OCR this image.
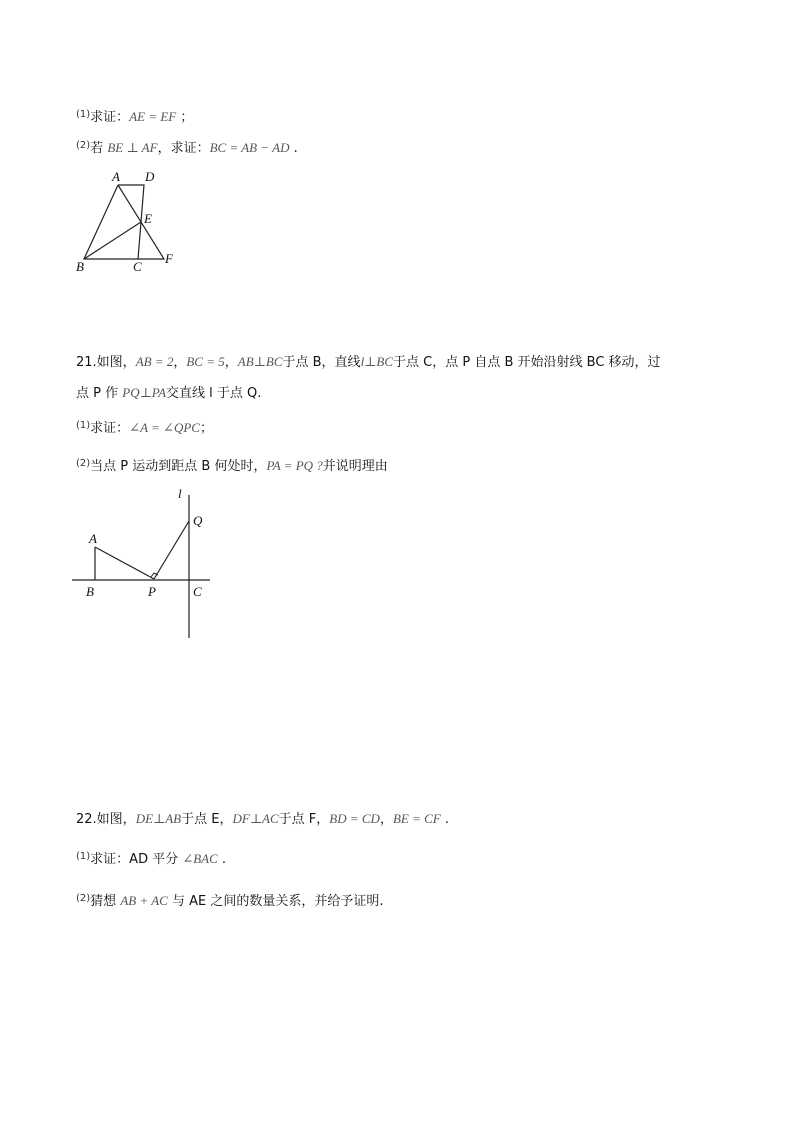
$^{(1)}$求证：AE = EF ；
$^{(2)}$若 BE ⊥ AF，求证：BC = AB − AD .
A D
E
B	C
F
l
Q
A
B	P	C
21.如图，AB = 2，BC = 5，AB⊥BC于点 B，直线l⊥BC于点 C，点 P 自点 B 开始沿射线 BC 移动，过
点 P 作 PQ⊥PA交直线 l 于点 Q.
$^{(1)}$求证：∠A = ∠QPC；
$^{(2)}$当点 P 运动到距点 B 何处时，PA = PQ ?并说明理由
22.如图，DE⊥AB于点 E，DF⊥AC于点 F，BD = CD，BE = CF .
$^{(1)}$求证：AD 平分 ∠BAC .
$^{(2)}$猜想 AB + AC 与 AE 之间的数量关系，并给予证明.
